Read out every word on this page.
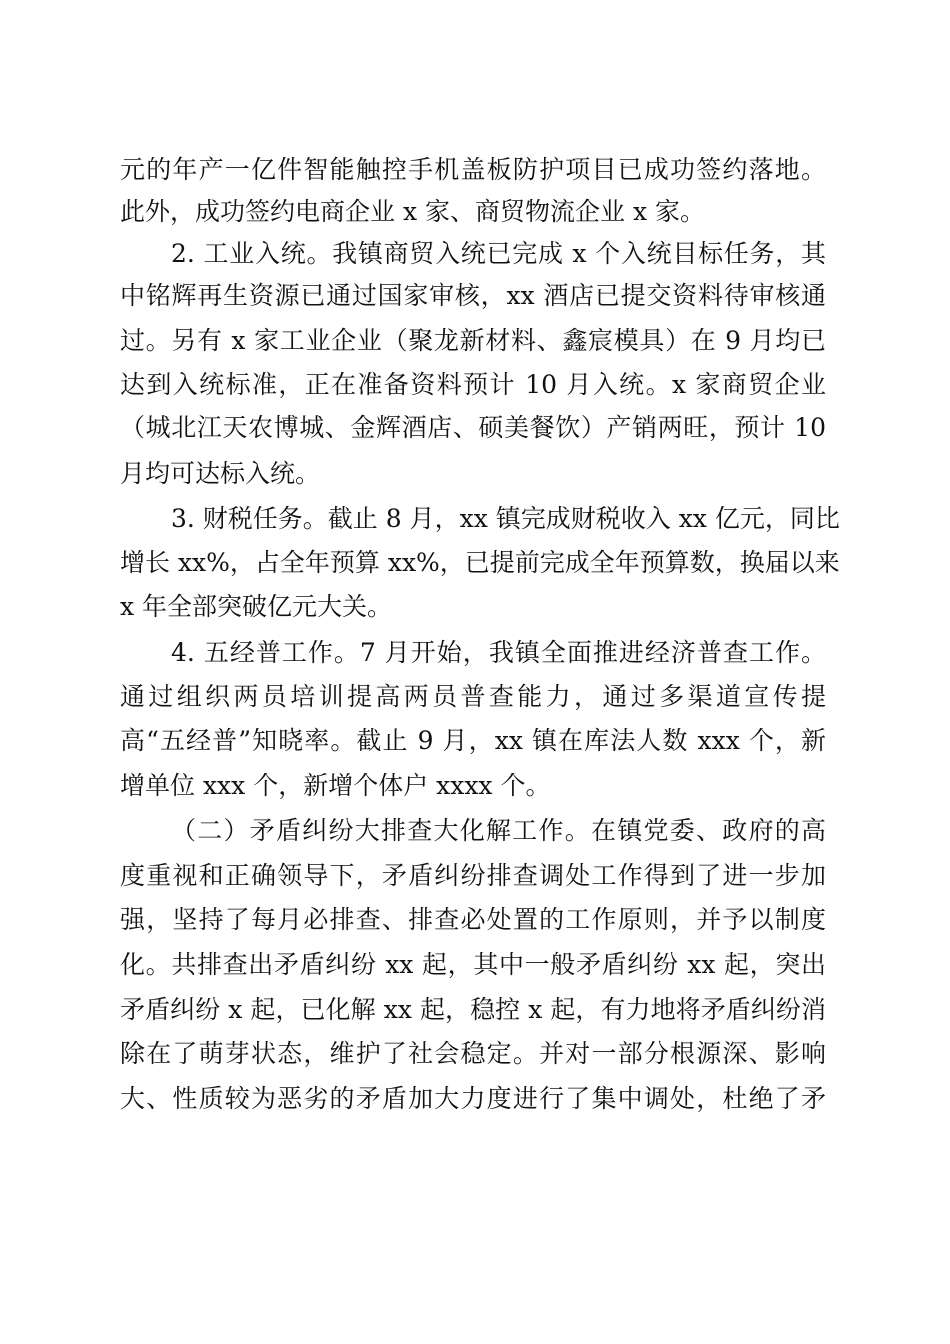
元的年产一亿件智能触控手机盖板防护项目已成功签约落地。
此外，成功签约电商企业 x 家、商贸物流企业 x 家。
2. 工业入统。我镇商贸入统已完成 x 个入统目标任务，其
中铭辉再生资源已通过国家审核，xx 酒店已提交资料待审核通
过。另有 x 家工业企业（聚龙新材料、鑫宸模具）在 9 月均已
达到入统标准，正在准备资料预计 10 月入统。x 家商贸企业
（城北江天农博城、金辉酒店、硕美餐饮）产销两旺，预计 10
月均可达标入统。
3. 财税任务。截止 8 月，xx 镇完成财税收入 xx 亿元，同比
增长 xx%，占全年预算 xx%，已提前完成全年预算数，换届以来
x 年全部突破亿元大关。
4. 五经普工作。7 月开始，我镇全面推进经济普查工作。
通过组织两员培训提高两员普查能力，通过多渠道宣传提
高“五经普”知晓率。截止 9 月，xx 镇在库法人数 xxx 个，新
增单位 xxx 个，新增个体户 xxxx 个。
（二）矛盾纠纷大排查大化解工作。在镇党委、政府的高
度重视和正确领导下，矛盾纠纷排查调处工作得到了进一步加
强，坚持了每月必排查、排查必处置的工作原则，并予以制度
化。共排查出矛盾纠纷 xx 起，其中一般矛盾纠纷 xx 起，突出
矛盾纠纷 x 起，已化解 xx 起，稳控 x 起，有力地将矛盾纠纷消
除在了萌芽状态，维护了社会稳定。并对一部分根源深、影响
大、性质较为恶劣的矛盾加大力度进行了集中调处，杜绝了矛
